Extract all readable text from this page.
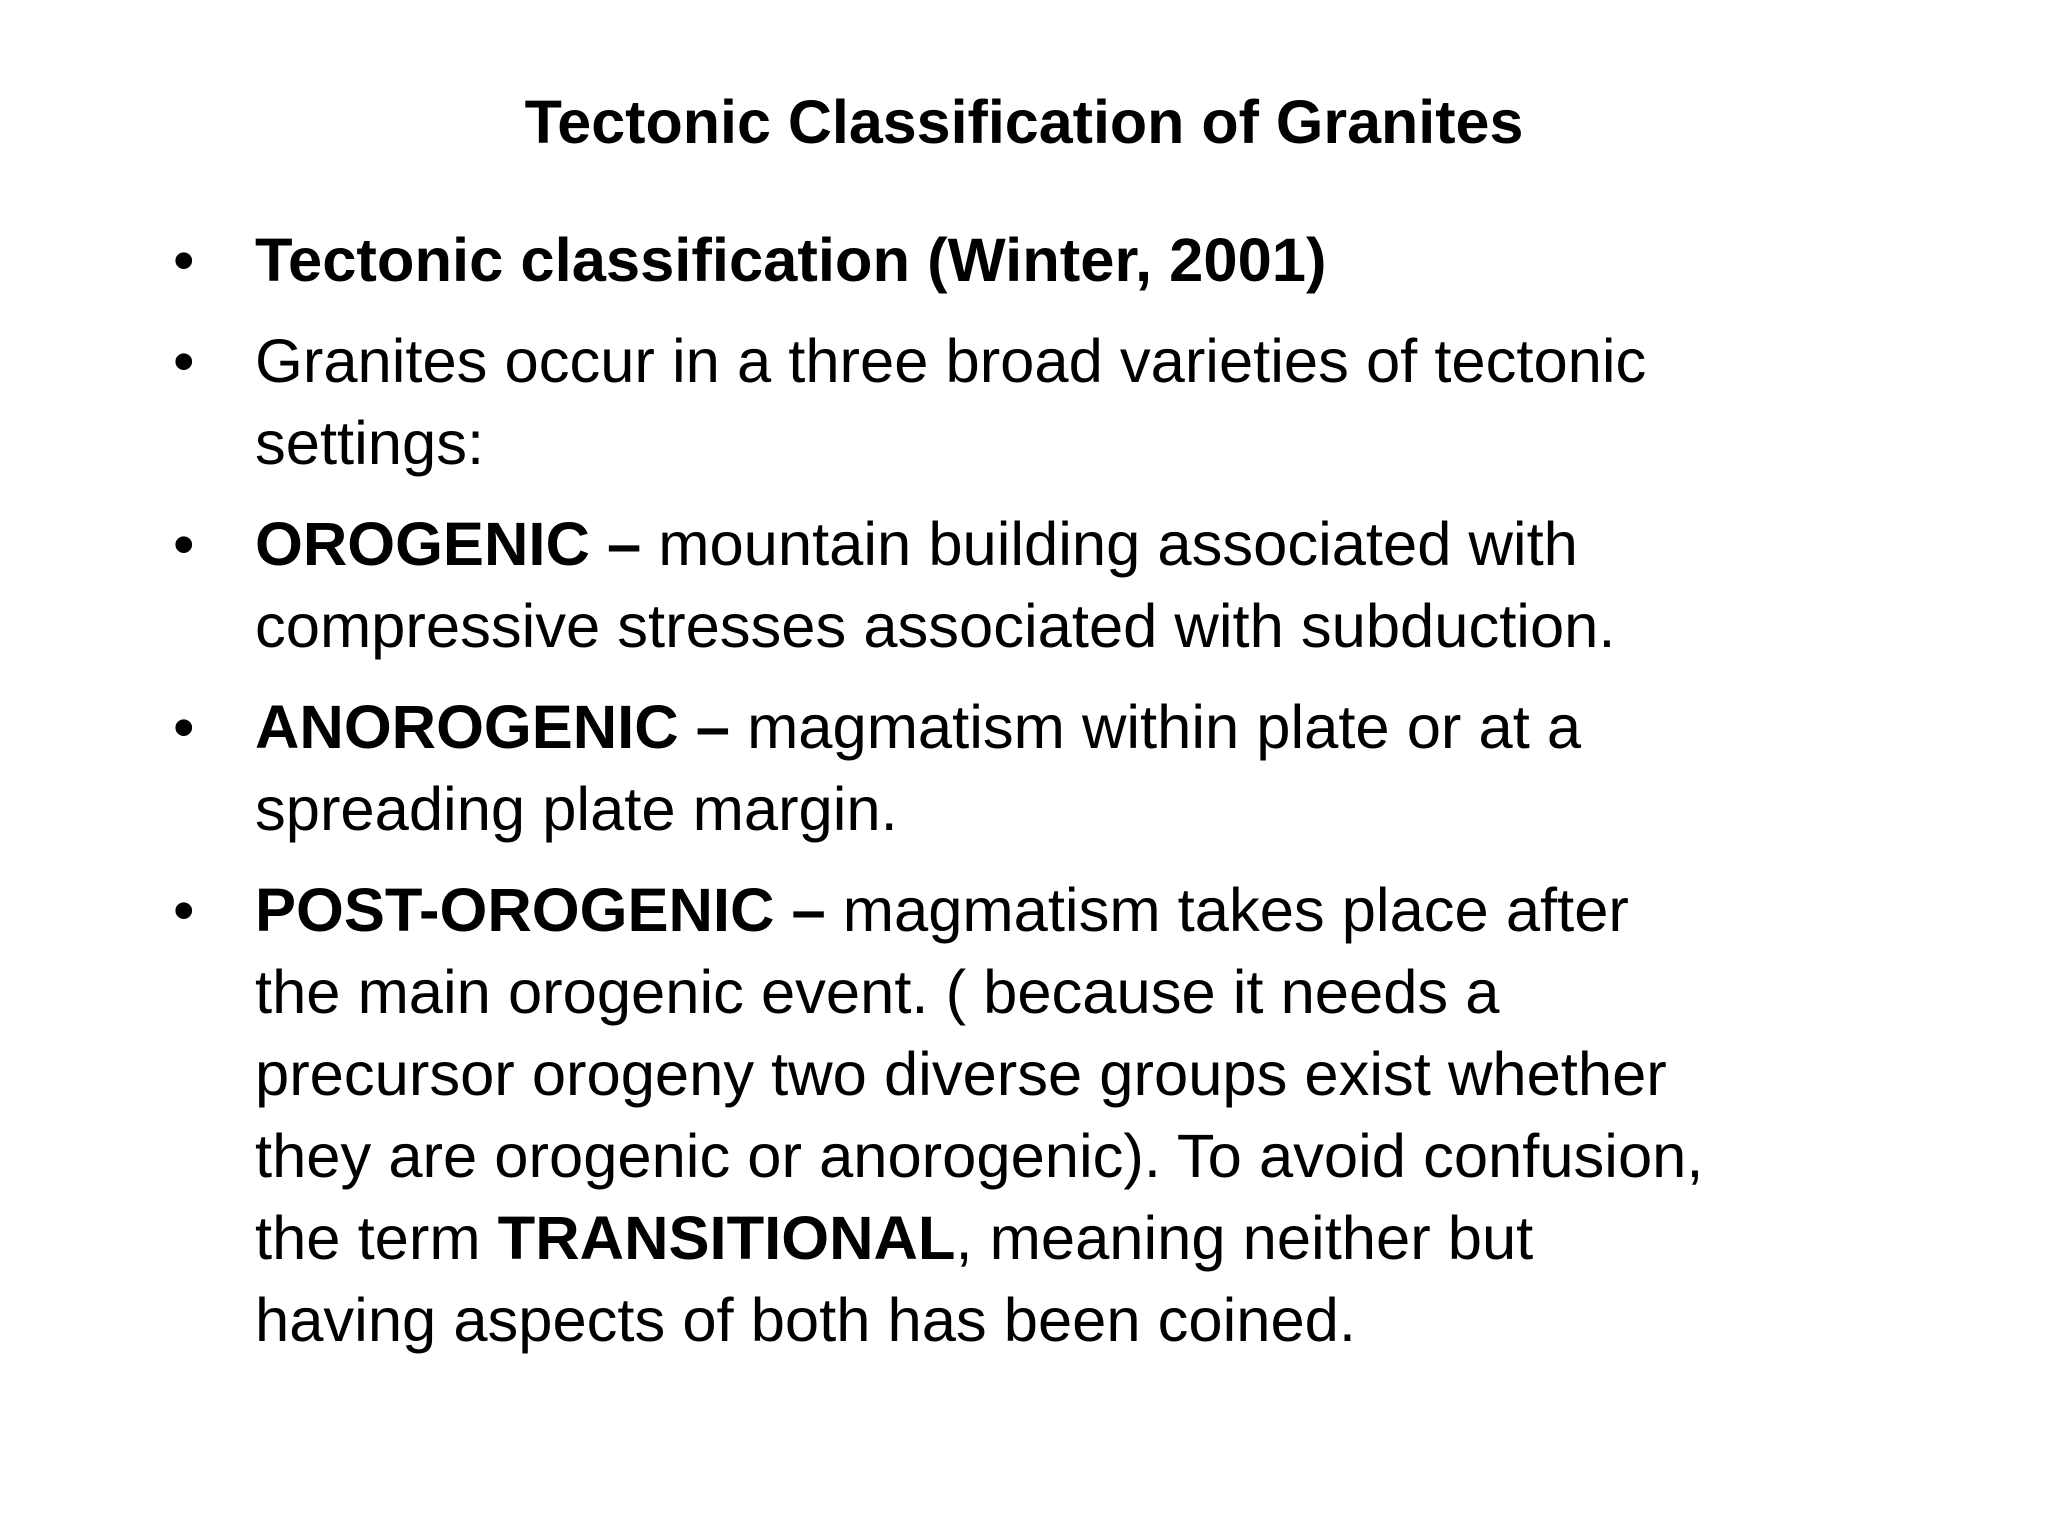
Tectonic Classification of Granites
• Tectonic classification (Winter, 2001)
• Granites occur in a three broad varieties of tectonic
settings:
• OROGENIC – mountain building associated with
compressive stresses associated with subduction.
• ANOROGENIC – magmatism within plate or at a
spreading plate margin.
• POST-OROGENIC – magmatism takes place after
the main orogenic event. ( because it needs a
precursor orogeny two diverse groups exist whether
they are orogenic or anorogenic). To avoid confusion,
the term TRANSITIONAL, meaning neither but
having aspects of both has been coined.
